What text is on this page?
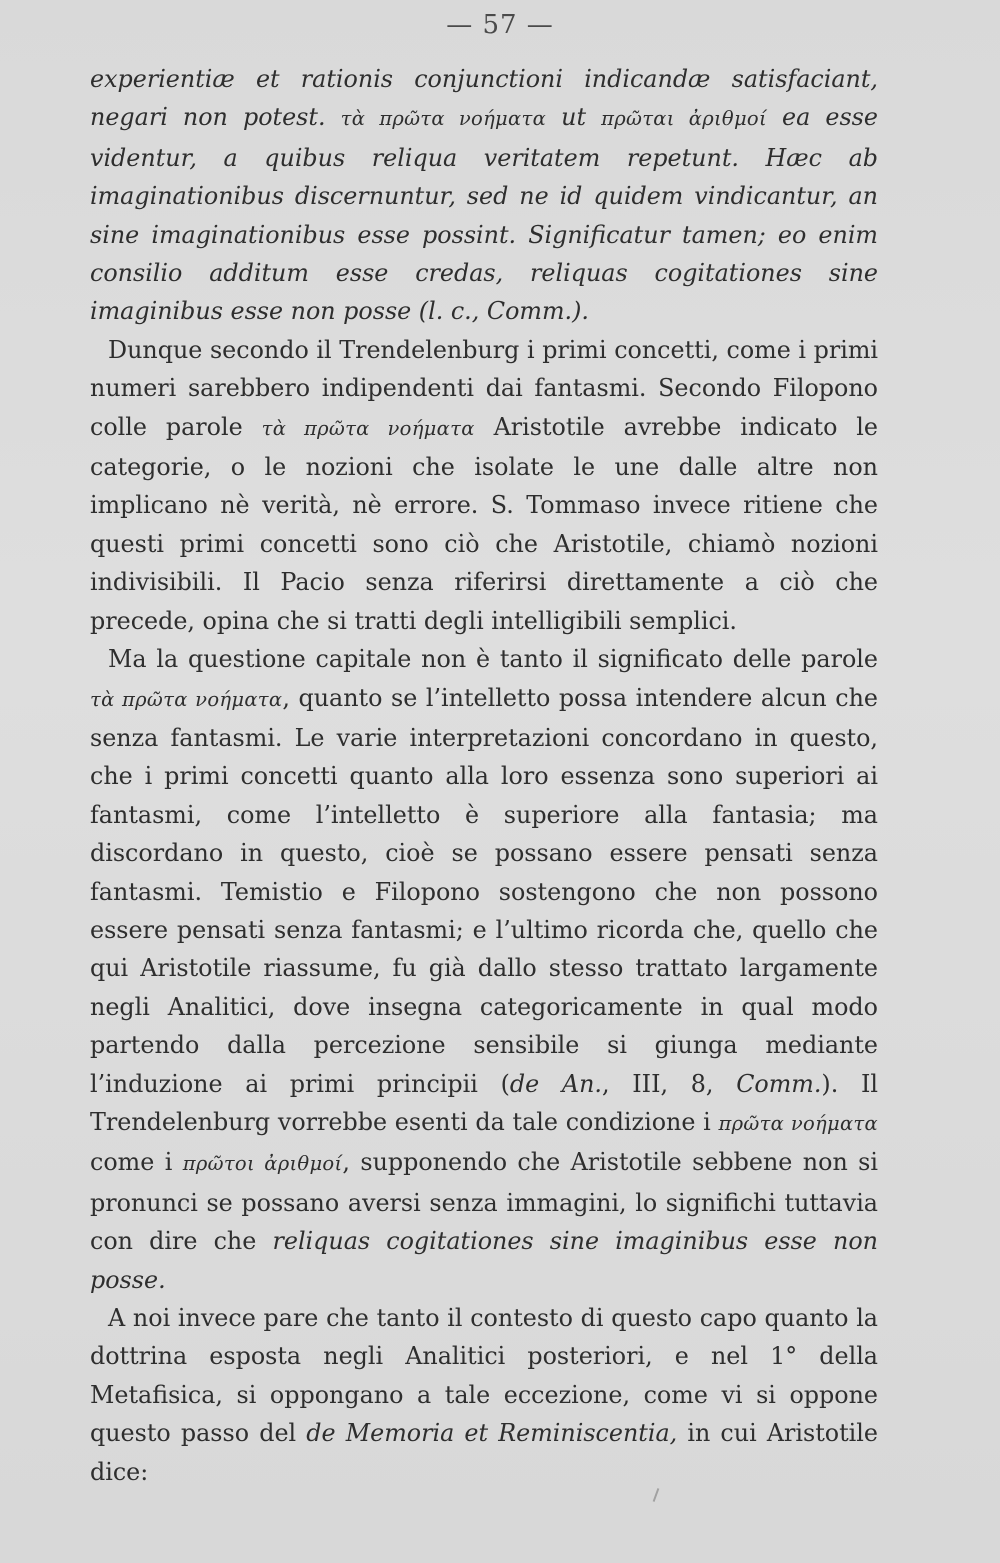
— 57 —

experientiæ et rationis conjunctioni indicandæ satisfaciant, negari non potest. τὰ πρῶτα νοήματα ut πρῶται ἀριθμοί ea esse videntur, a quibus reliqua veritatem repetunt. Hæc ab imaginationibus discernuntur, sed ne id quidem vindicantur, an sine imaginationibus esse possint. Significatur tamen; eo enim consilio additum esse credas, reliquas cogitationes sine imaginibus esse non posse (l. c., Comm.).

Dunque secondo il Trendelenburg i primi concetti, come i primi numeri sarebbero indipendenti dai fantasmi. Secondo Filopono colle parole τὰ πρῶτα νοήματα Aristotile avrebbe indicato le categorie, o le nozioni che isolate le une dalle altre non implicano nè verità, nè errore. S. Tommaso invece ritiene che questi primi concetti sono ciò che Aristotile, chiamò nozioni indivisibili. Il Pacio senza riferirsi direttamente a ciò che precede, opina che si tratti degli intelligibili semplici.

Ma la questione capitale non è tanto il significato delle parole τὰ πρῶτα νοήματα, quanto se l’intelletto possa intendere alcun che senza fantasmi. Le varie interpretazioni concordano in questo, che i primi concetti quanto alla loro essenza sono superiori ai fantasmi, come l’intelletto è superiore alla fantasia; ma discordano in questo, cioè se possano essere pensati senza fantasmi. Temistio e Filopono sostengono che non possono essere pensati senza fantasmi; e l’ultimo ricorda che, quello che qui Aristotile riassume, fu già dallo stesso trattato largamente negli Analitici, dove insegna categoricamente in qual modo partendo dalla percezione sensibile si giunga mediante l’induzione ai primi principii (de An., III, 8, Comm.). Il Trendelenburg vorrebbe esenti da tale condizione i πρῶτα νοήματα come i πρῶτοι ἀριθμοί, supponendo che Aristotile sebbene non si pronunci se possano aversi senza immagini, lo significhi tuttavia con dire che reliquas cogitationes sine imaginibus esse non posse.

A noi invece pare che tanto il contesto di questo capo quanto la dottrina esposta negli Analitici posteriori, e nel 1° della Metafisica, si oppongano a tale eccezione, come vi si oppone questo passo del de Memoria et Reminiscentia, in cui Aristotile dice:
